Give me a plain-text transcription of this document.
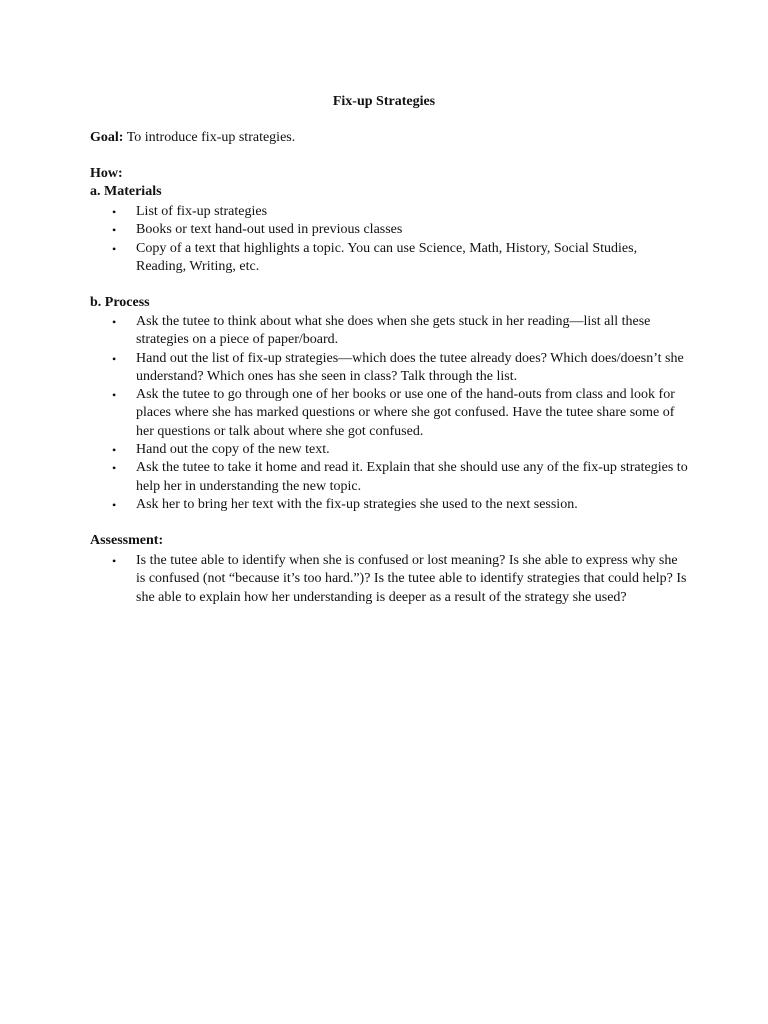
Fix-up Strategies
Goal: To introduce fix-up strategies.
How:
a. Materials
• List of fix-up strategies
• Books or text hand-out used in previous classes
• Copy of a text that highlights a topic. You can use Science, Math, History, Social Studies, Reading, Writing, etc.
b. Process
• Ask the tutee to think about what she does when she gets stuck in her reading—list all these strategies on a piece of paper/board.
• Hand out the list of fix-up strategies—which does the tutee already does? Which does/doesn’t she understand? Which ones has she seen in class? Talk through the list.
• Ask the tutee to go through one of her books or use one of the hand-outs from class and look for places where she has marked questions or where she got confused. Have the tutee share some of her questions or talk about where she got confused.
• Hand out the copy of the new text.
• Ask the tutee to take it home and read it. Explain that she should use any of the fix-up strategies to help her in understanding the new topic.
• Ask her to bring her text with the fix-up strategies she used to the next session.
Assessment:
• Is the tutee able to identify when she is confused or lost meaning? Is she able to express why she is confused (not “because it’s too hard.”)? Is the tutee able to identify strategies that could help? Is she able to explain how her understanding is deeper as a result of the strategy she used?
